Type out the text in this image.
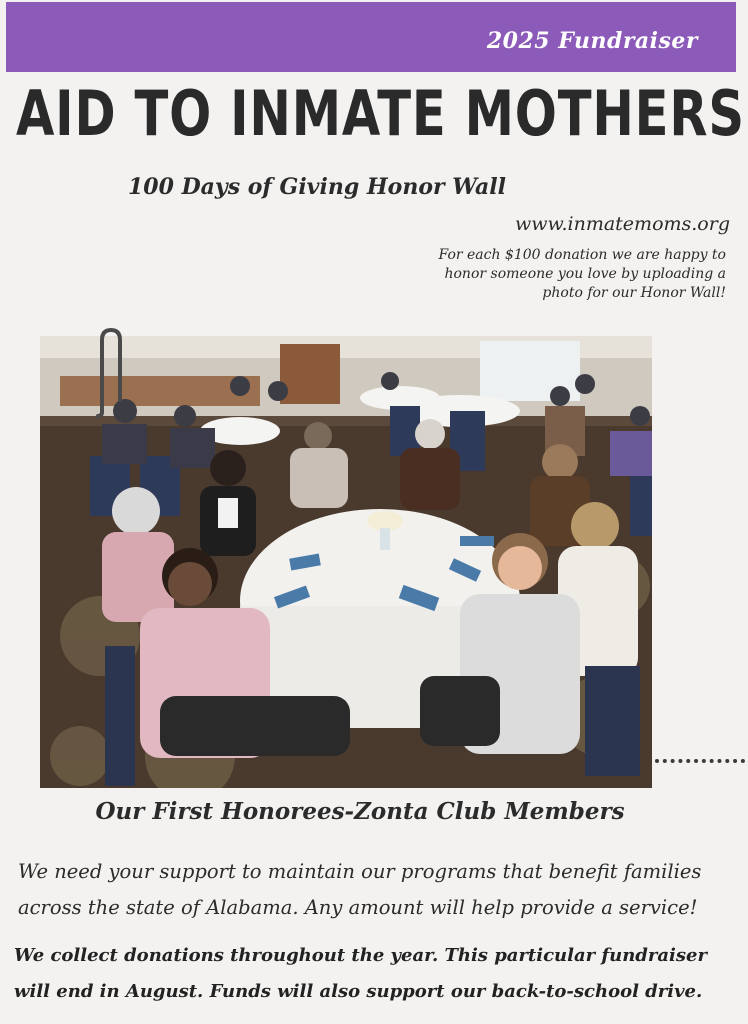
2025 Fundraiser
AID TO INMATE MOTHERS
100 Days of Giving Honor Wall
www.inmatemoms.org
For each $100 donation we are happy to honor someone you love by uploading a photo for our Honor Wall!
Our First Honorees-Zonta Club Members

We need your support to maintain our programs that benefit families across the state of Alabama. Any amount will help provide a service!

We collect donations throughout the year. This particular fundraiser will end in August. Funds will also support our back-to-school drive.
